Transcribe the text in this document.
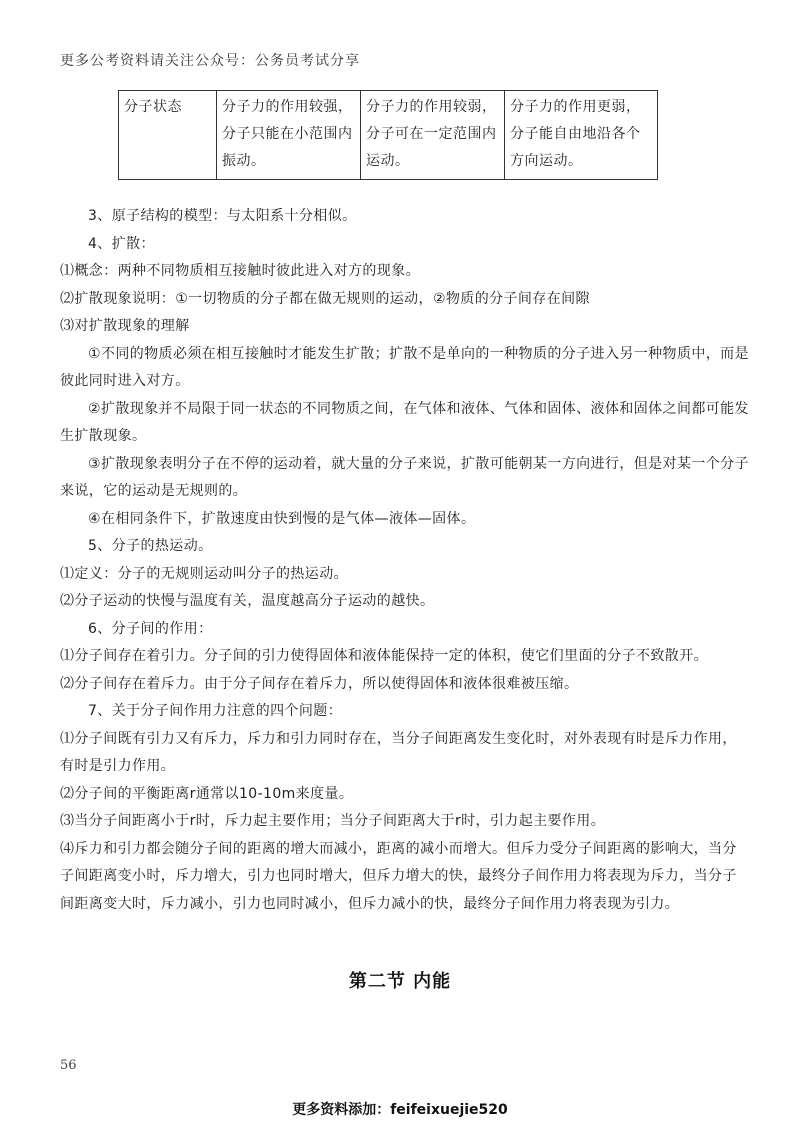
更多公考资料请关注公众号：公务员考试分享
分子状态	分子力的作用较强，分子只能在小范围内振动。	分子力的作用较弱，分子可在一定范围内运动。	分子力的作用更弱，分子能自由地沿各个方向运动。

3、原子结构的模型：与太阳系十分相似。

4、扩散：

⑴概念：两种不同物质相互接触时彼此进入对方的现象。

⑵扩散现象说明：①一切物质的分子都在做无规则的运动，②物质的分子间存在间隙

⑶对扩散现象的理解

①不同的物质必须在相互接触时才能发生扩散；扩散不是单向的一种物质的分子进入另一种物质中，而是彼此同时进入对方。

②扩散现象并不局限于同一状态的不同物质之间，在气体和液体、气体和固体、液体和固体之间都可能发生扩散现象。

③扩散现象表明分子在不停的运动着，就大量的分子来说，扩散可能朝某一方向进行，但是对某一个分子来说，它的运动是无规则的。

④在相同条件下，扩散速度由快到慢的是气体—液体—固体。

5、分子的热运动。

⑴定义：分子的无规则运动叫分子的热运动。

⑵分子运动的快慢与温度有关，温度越高分子运动的越快。

6、分子间的作用：

⑴分子间存在着引力。分子间的引力使得固体和液体能保持一定的体积，使它们里面的分子不致散开。

⑵分子间存在着斥力。由于分子间存在着斥力，所以使得固体和液体很难被压缩。

7、关于分子间作用力注意的四个问题：

⑴分子间既有引力又有斥力，斥力和引力同时存在，当分子间距离发生变化时，对外表现有时是斥力作用，有时是引力作用。

⑵分子间的平衡距离r通常以10-10m来度量。

⑶当分子间距离小于r时，斥力起主要作用；当分子间距离大于r时，引力起主要作用。

⑷斥力和引力都会随分子间的距离的增大而减小，距离的减小而增大。但斥力受分子间距离的影响大，当分子间距离变小时，斥力增大，引力也同时增大，但斥力增大的快，最终分子间作用力将表现为斥力，当分子间距离变大时，斥力减小，引力也同时减小，但斥力减小的快，最终分子间作用力将表现为引力。

第二节 内能
56
更多资料添加：feifeixuejie520
